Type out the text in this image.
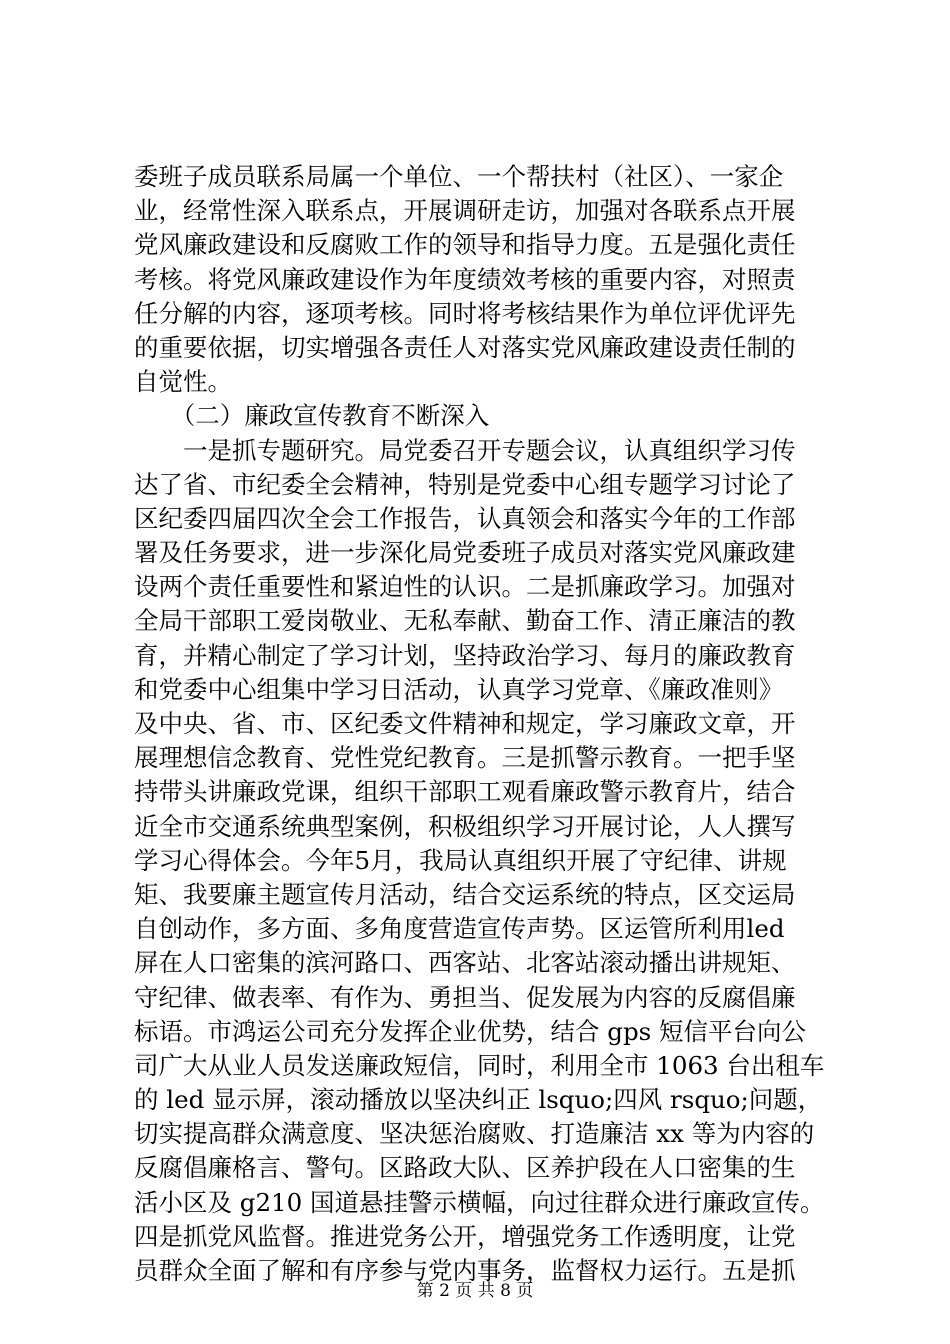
委班子成员联系局属一个单位、一个帮扶村（社区）、一家企
业，经常性深入联系点，开展调研走访，加强对各联系点开展
党风廉政建设和反腐败工作的领导和指导力度。五是强化责任
考核。将党风廉政建设作为年度绩效考核的重要内容，对照责
任分解的内容，逐项考核。同时将考核结果作为单位评优评先
的重要依据，切实增强各责任人对落实党风廉政建设责任制的
自觉性。
　　（二）廉政宣传教育不断深入
　　一是抓专题研究。局党委召开专题会议，认真组织学习传
达了省、市纪委全会精神，特别是党委中心组专题学习讨论了
区纪委四届四次全会工作报告，认真领会和落实今年的工作部
署及任务要求，进一步深化局党委班子成员对落实党风廉政建
设两个责任重要性和紧迫性的认识。二是抓廉政学习。加强对
全局干部职工爱岗敬业、无私奉献、勤奋工作、清正廉洁的教
育，并精心制定了学习计划，坚持政治学习、每月的廉政教育
和党委中心组集中学习日活动，认真学习党章、《廉政准则》
及中央、省、市、区纪委文件精神和规定，学习廉政文章，开
展理想信念教育、党性党纪教育。三是抓警示教育。一把手坚
持带头讲廉政党课，组织干部职工观看廉政警示教育片，结合
近全市交通系统典型案例，积极组织学习开展讨论，人人撰写
学习心得体会。今年5月，我局认真组织开展了守纪律、讲规
矩、我要廉主题宣传月活动，结合交运系统的特点，区交运局
自创动作，多方面、多角度营造宣传声势。区运管所利用led
屏在人口密集的滨河路口、西客站、北客站滚动播出讲规矩、
守纪律、做表率、有作为、勇担当、促发展为内容的反腐倡廉
标语。市鸿运公司充分发挥企业优势，结合 gps 短信平台向公
司广大从业人员发送廉政短信，同时，利用全市 1063 台出租车
的 led 显示屏，滚动播放以坚决纠正 lsquo;四风 rsquo;问题，
切实提高群众满意度、坚决惩治腐败、打造廉洁 xx 等为内容的
反腐倡廉格言、警句。区路政大队、区养护段在人口密集的生
活小区及 g210 国道悬挂警示横幅，向过往群众进行廉政宣传。
四是抓党风监督。推进党务公开，增强党务工作透明度，让党
员群众全面了解和有序参与党内事务，监督权力运行。五是抓
第 2 页 共 8 页
